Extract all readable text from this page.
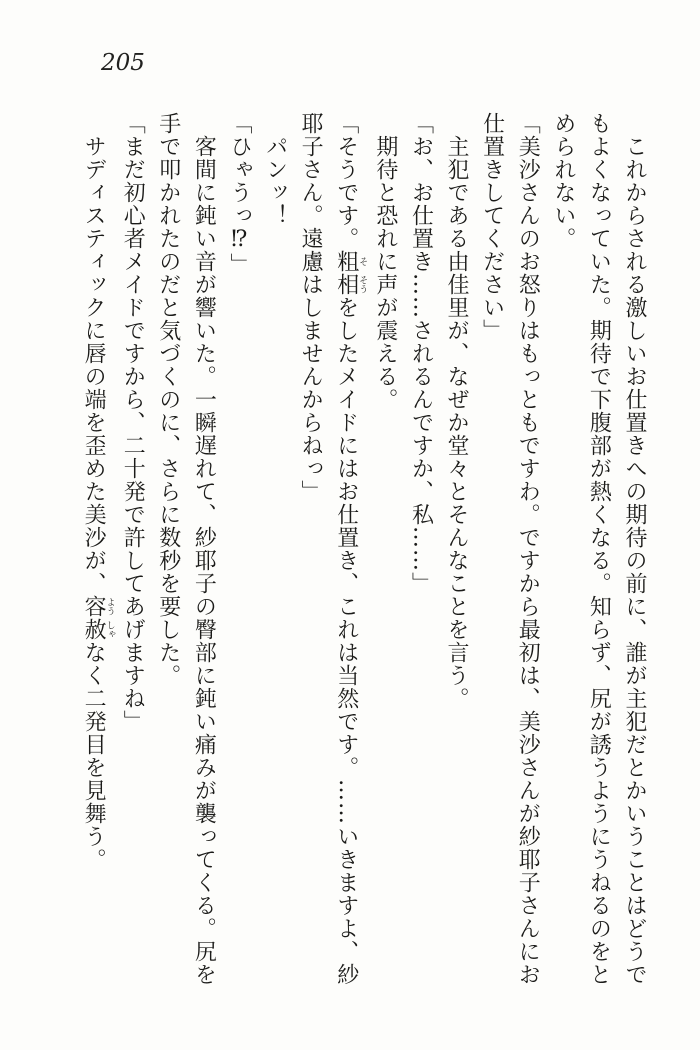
205

これからされる激しいお仕置きへの期待の前に、誰が主犯だとかいうことはどうでもよくなっていた。期待で下腹部が熱くなる。知らず、尻が誘うようにうねるのをとめられない。

「美沙さんのお怒りはもっともですわ。ですから最初は、美沙さんが紗耶子さんにお仕置きしてください」

主犯である由佳里が、なぜか堂々とそんなことを言う。

「お、お仕置き……されるんですか、私……」

期待と恐れに声が震える。

「そうです。粗そ相そうをしたメイドにはお仕置き、これは当然です。……いきますよ、紗耶子さん。遠慮はしませんからねっ」

パンッ！

「ひゃうっ⁉」

客間に鈍い音が響いた。一瞬遅れて、紗耶子の臀部に鈍い痛みが襲ってくる。尻を手で叩かれたのだと気づくのに、さらに数秒を要した。

「まだ初心者メイドですから、二十発で許してあげますね」

サディスティックに唇の端を歪めた美沙が、容よう赦しゃなく二発目を見舞う。
